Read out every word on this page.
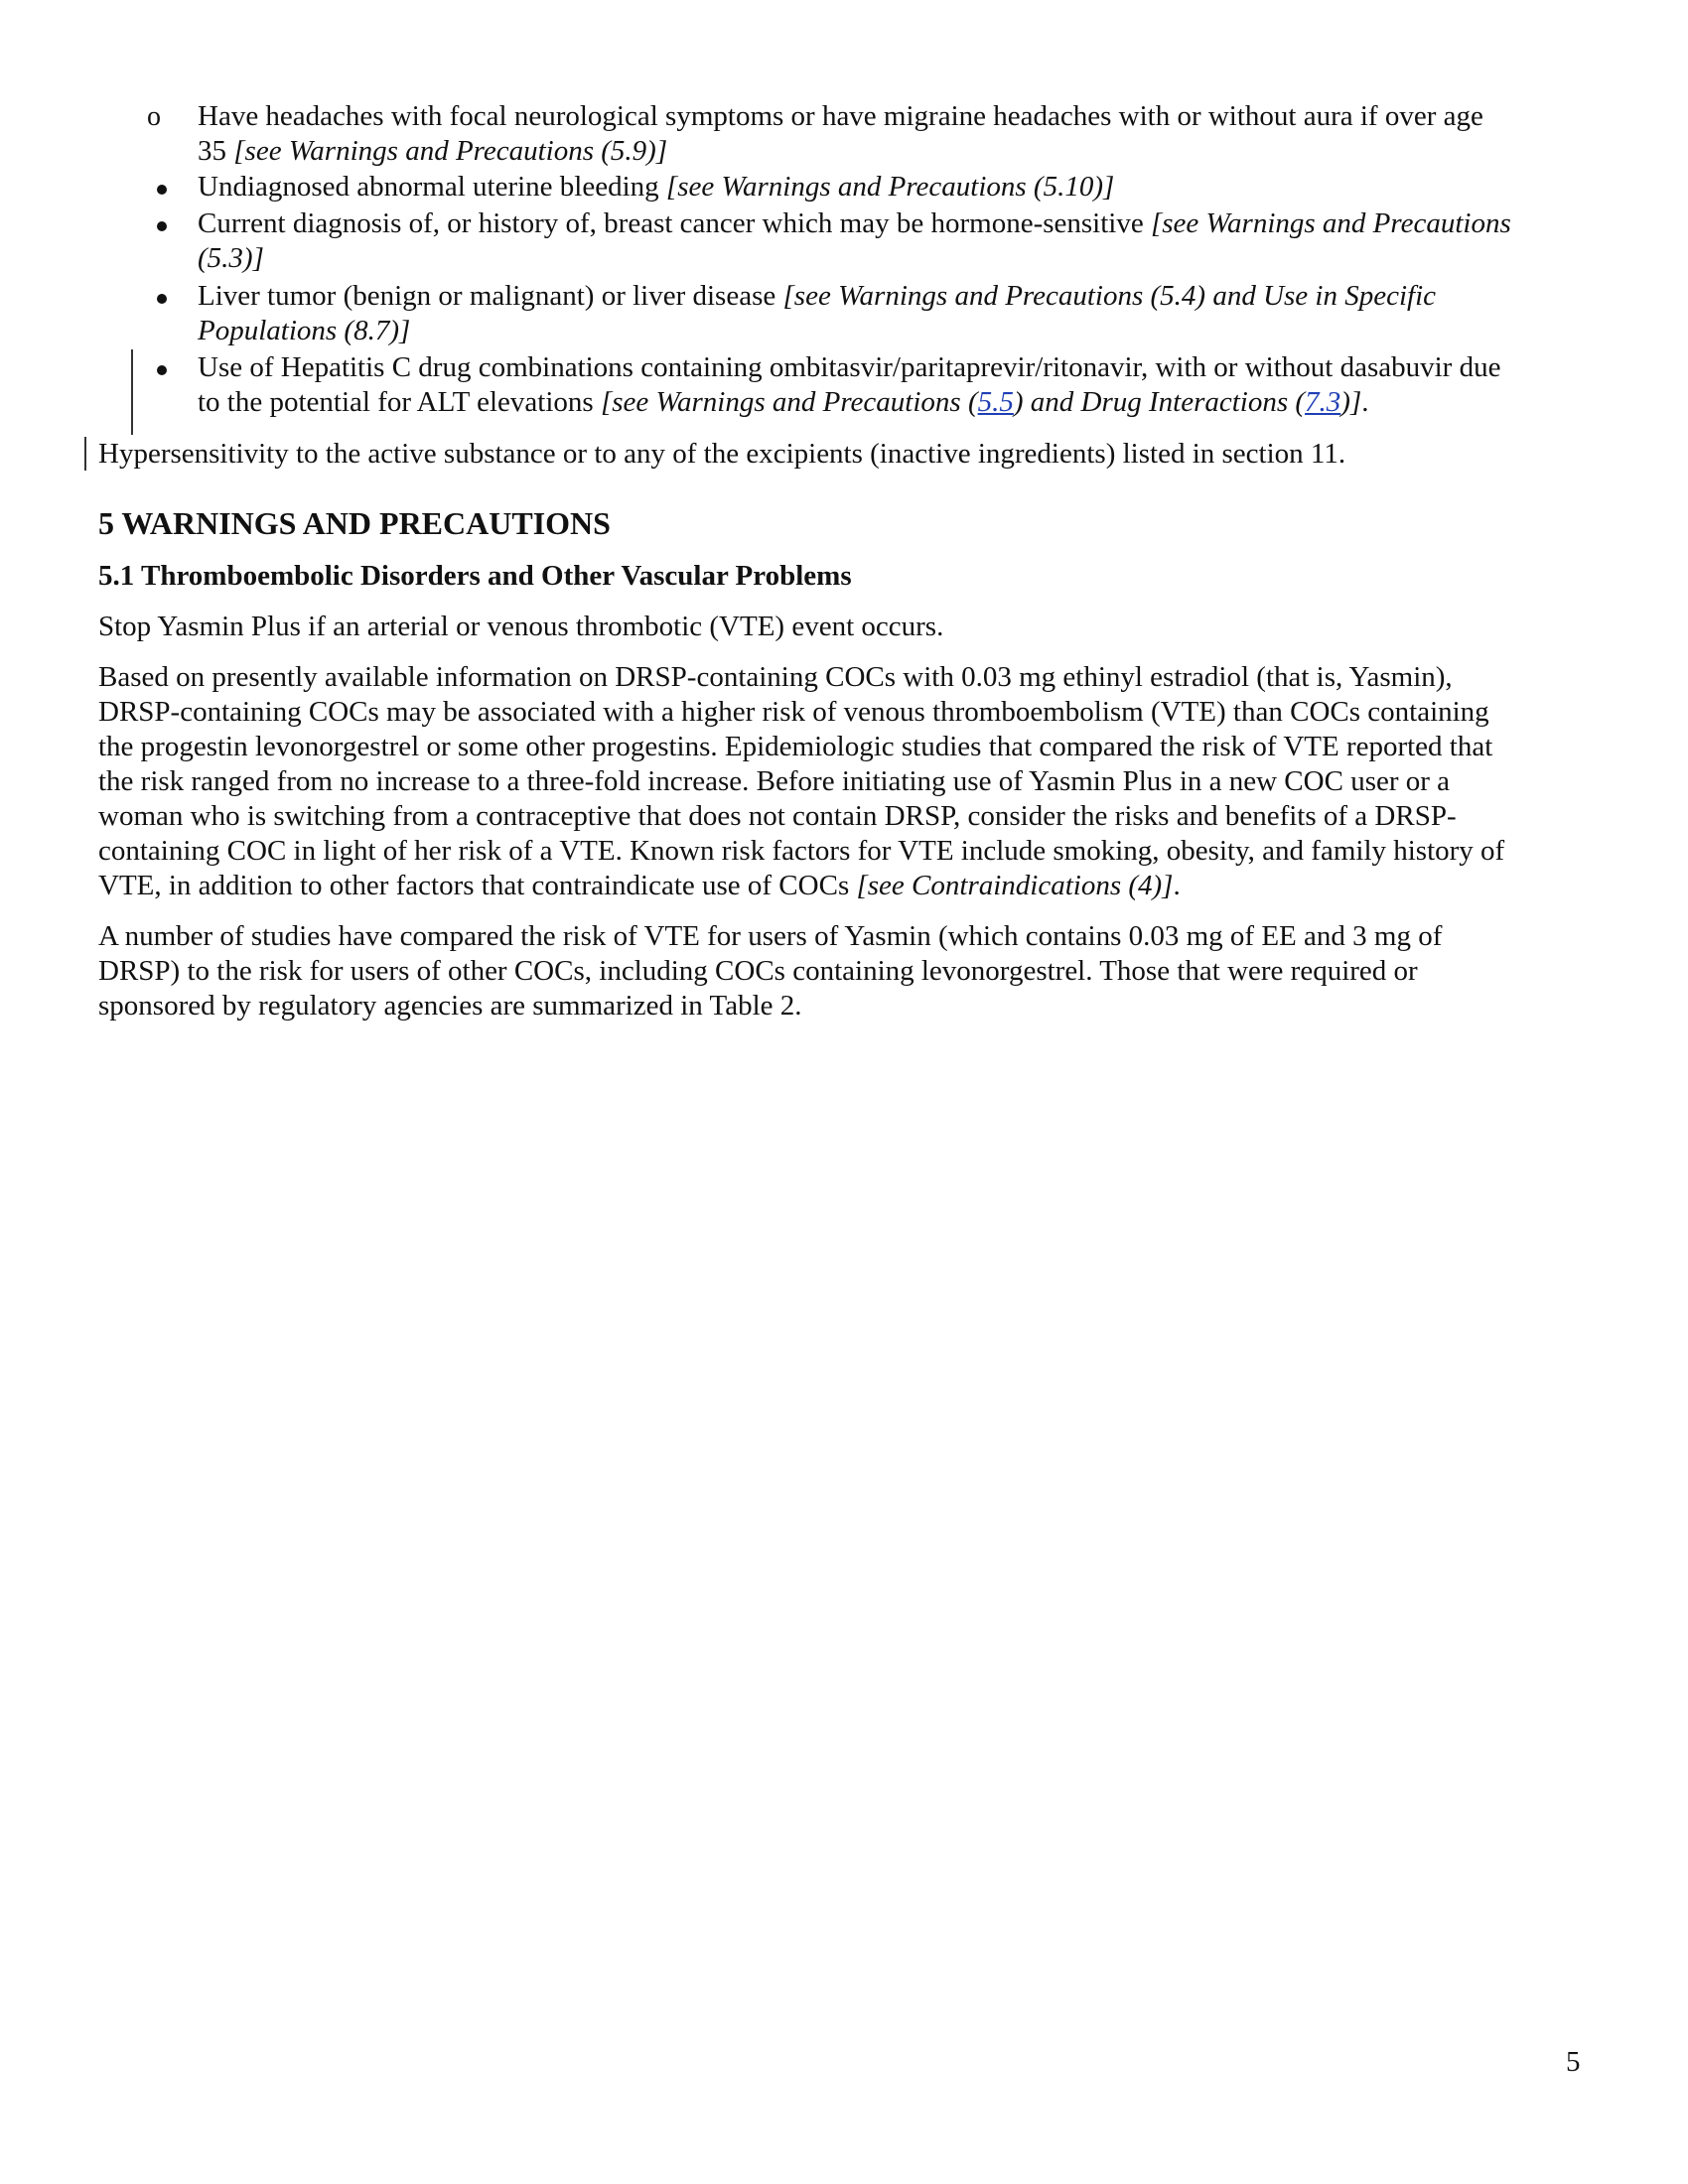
o Have headaches with focal neurological symptoms or have migraine headaches with or without aura if over age
35 [see Warnings and Precautions (5.9)]
Undiagnosed abnormal uterine bleeding [see Warnings and Precautions (5.10)]
Current diagnosis of, or history of, breast cancer which may be hormone-sensitive [see Warnings and Precautions
(5.3)]
Liver tumor (benign or malignant) or liver disease [see Warnings and Precautions (5.4) and Use in Specific
Populations (8.7)]
Use of Hepatitis C drug combinations containing ombitasvir/paritaprevir/ritonavir, with or without dasabuvir due
to the potential for ALT elevations [see Warnings and Precautions (5.5) and Drug Interactions (7.3)].
Hypersensitivity to the active substance or to any of the excipients (inactive ingredients) listed in section 11.
5 WARNINGS AND PRECAUTIONS
5.1 Thromboembolic Disorders and Other Vascular Problems
Stop Yasmin Plus if an arterial or venous thrombotic (VTE) event occurs.
Based on presently available information on DRSP-containing COCs with 0.03 mg ethinyl estradiol (that is, Yasmin),
DRSP-containing COCs may be associated with a higher risk of venous thromboembolism (VTE) than COCs containing
the progestin levonorgestrel or some other progestins. Epidemiologic studies that compared the risk of VTE reported that
the risk ranged from no increase to a three-fold increase. Before initiating use of Yasmin Plus in a new COC user or a
woman who is switching from a contraceptive that does not contain DRSP, consider the risks and benefits of a DRSP-
containing COC in light of her risk of a VTE. Known risk factors for VTE include smoking, obesity, and family history of
VTE, in addition to other factors that contraindicate use of COCs [see Contraindications (4)].
A number of studies have compared the risk of VTE for users of Yasmin (which contains 0.03 mg of EE and 3 mg of
DRSP) to the risk for users of other COCs, including COCs containing levonorgestrel. Those that were required or
sponsored by regulatory agencies are summarized in Table 2.
5
